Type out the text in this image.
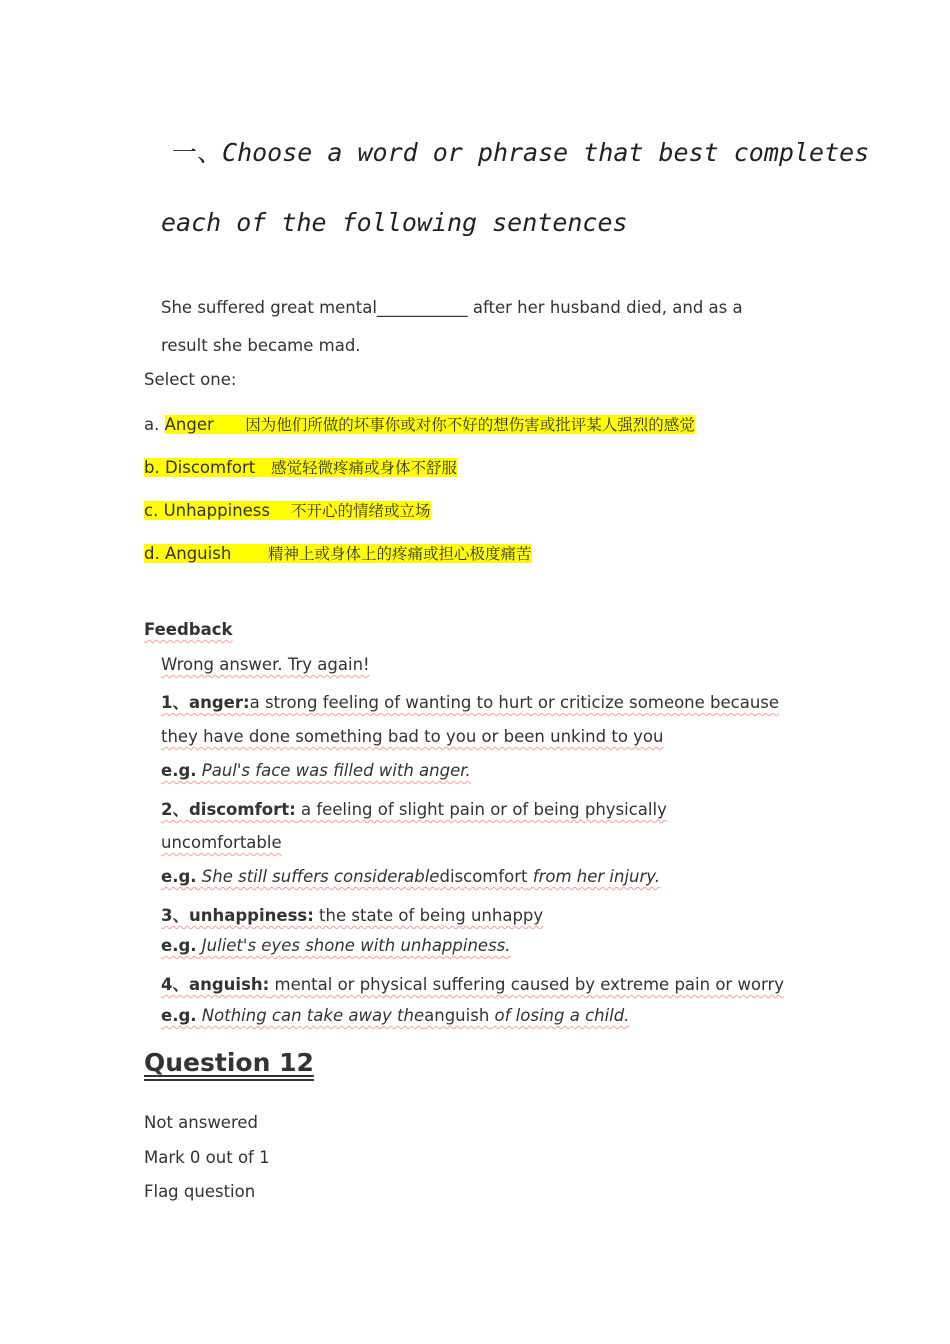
一、Choose a word or phrase that best completes
each of the following sentences
She suffered great mental___________ after her husband died, and as a
result she became mad.
Select one:
a. Anger 因为他们所做的坏事你或对你不好的想伤害或批评某人强烈的感觉
b. Discomfort 感觉轻微疼痛或身体不舒服
c. Unhappiness 不开心的情绪或立场
d. Anguish 精神上或身体上的疼痛或担心极度痛苦
Feedback
Wrong answer. Try again!
1、anger:a strong feeling of wanting to hurt or criticize someone because
they have done something bad to you or been unkind to you
e.g. Paul's face was filled with anger.
2、discomfort: a feeling of slight pain or of being physically
uncomfortable
e.g. She still suffers considerablediscomfort from her injury.
3、unhappiness: the state of being unhappy
e.g. Juliet's eyes shone with unhappiness.
4、anguish: mental or physical suffering caused by extreme pain or worry
e.g. Nothing can take away theanguish of losing a child.
Question 12
Not answered
Mark 0 out of 1
Flag question
